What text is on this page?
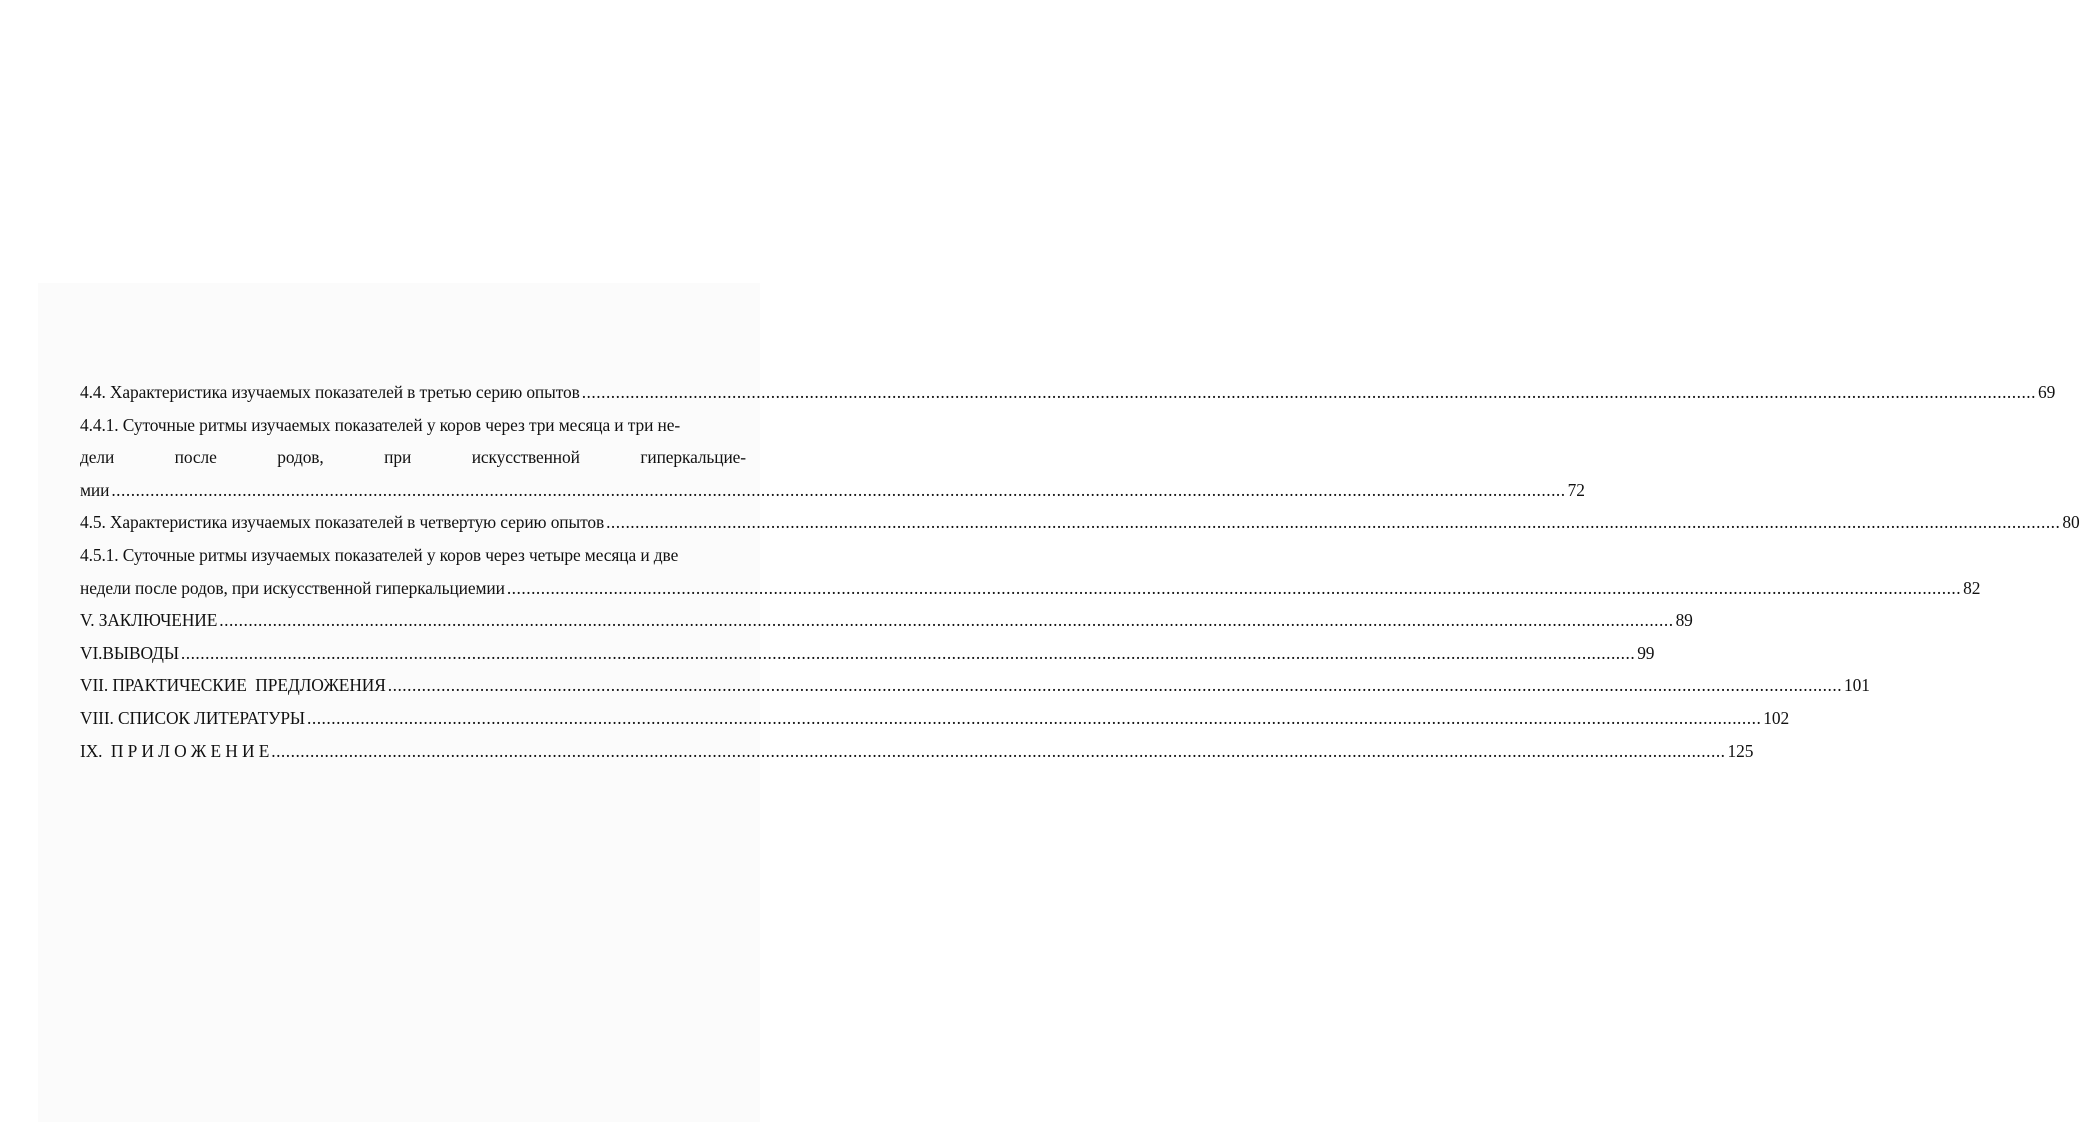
4.4. Характеристика изучаемых показателей в третью серию опытов ............................................................................................................................................................................................................................................................................................................ 69
4.4.1. Суточные ритмы изучаемых показателей у коров через три месяца и три не-
дели	после	родов,	при	искусственной	гиперкальцие-
мии ............................................................................................................................................................................................................................................................................................................ 72
4.5. Характеристика изучаемых показателей в четвертую серию опытов ............................................................................................................................................................................................................................................................................................................ 80
4.5.1. Суточные ритмы изучаемых показателей у коров через четыре месяца и две
недели после родов, при искусственной гиперкальциемии ............................................................................................................................................................................................................................................................................................................ 82
V. ЗАКЛЮЧЕНИЕ ............................................................................................................................................................................................................................................................................................................ 89
VI.ВЫВОДЫ ............................................................................................................................................................................................................................................................................................................ 99
VII. ПРАКТИЧЕСКИЕ  ПРЕДЛОЖЕНИЯ ............................................................................................................................................................................................................................................................................................................ 101
VIII. СПИСОК ЛИТЕРАТУРЫ ............................................................................................................................................................................................................................................................................................................ 102
IX.  П Р И Л О Ж Е Н И Е ............................................................................................................................................................................................................................................................................................................ 125
